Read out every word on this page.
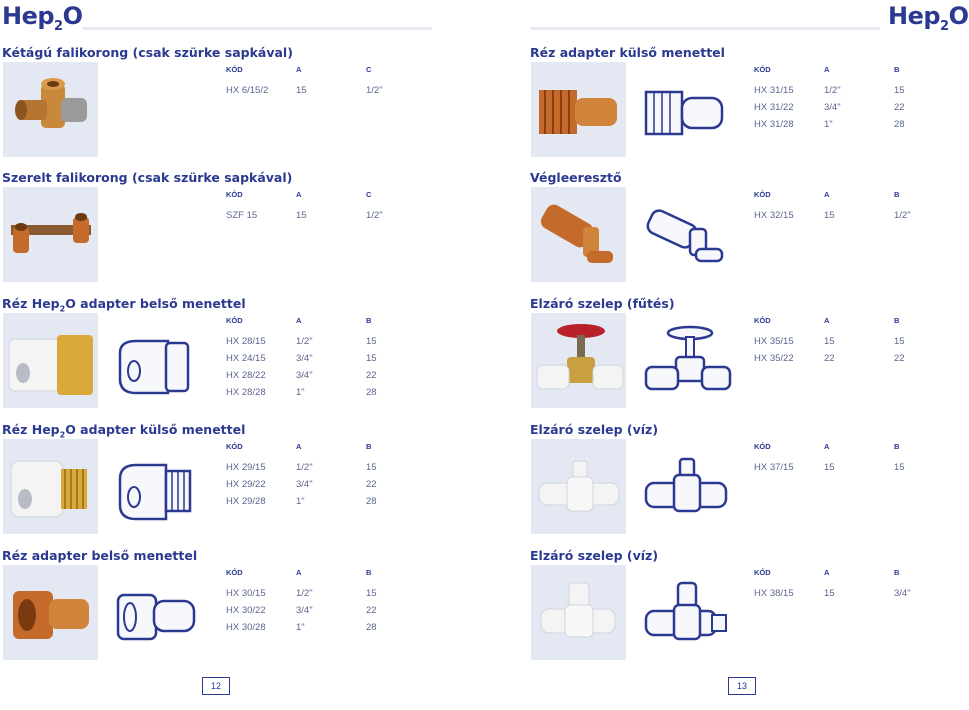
Hep$_2$O	Hep$_2$O
Kétágú falikorong (csak szürke sapkával)
KÓD	A	C
HX 6/15/2	15	1/2"
Szerelt falikorong (csak szürke sapkával)
KÓD	A	C
SZF 15	15	1/2"
Réz Hep$_2$O adapter belső menettel
KÓD	A	B
HX 28/15	1/2"	15
HX 24/15	3/4"	15
HX 28/22	3/4"	22
HX 28/28	1"	28
Réz Hep$_2$O adapter külső menettel
KÓD	A	B
HX 29/15	1/2"	15
HX 29/22	3/4"	22
HX 29/28	1"	28
Réz adapter belső menettel
KÓD	A	B
HX 30/15	1/2"	15
HX 30/22	3/4"	22
HX 30/28	1"	28
Réz adapter külső menettel
KÓD	A	B
HX 31/15	1/2"	15
HX 31/22	3/4"	22
HX 31/28	1"	28
Végleeresztő
KÓD	A	B
HX 32/15	15	1/2"
Elzáró szelep (fűtés)
KÓD	A	B
HX 35/15	15	15
HX 35/22	22	22
Elzáró szelep (víz)
KÓD	A	B
HX 37/15	15	15
Elzáró szelep (víz)
KÓD	A	B
HX 38/15	15	3/4"
12	13
